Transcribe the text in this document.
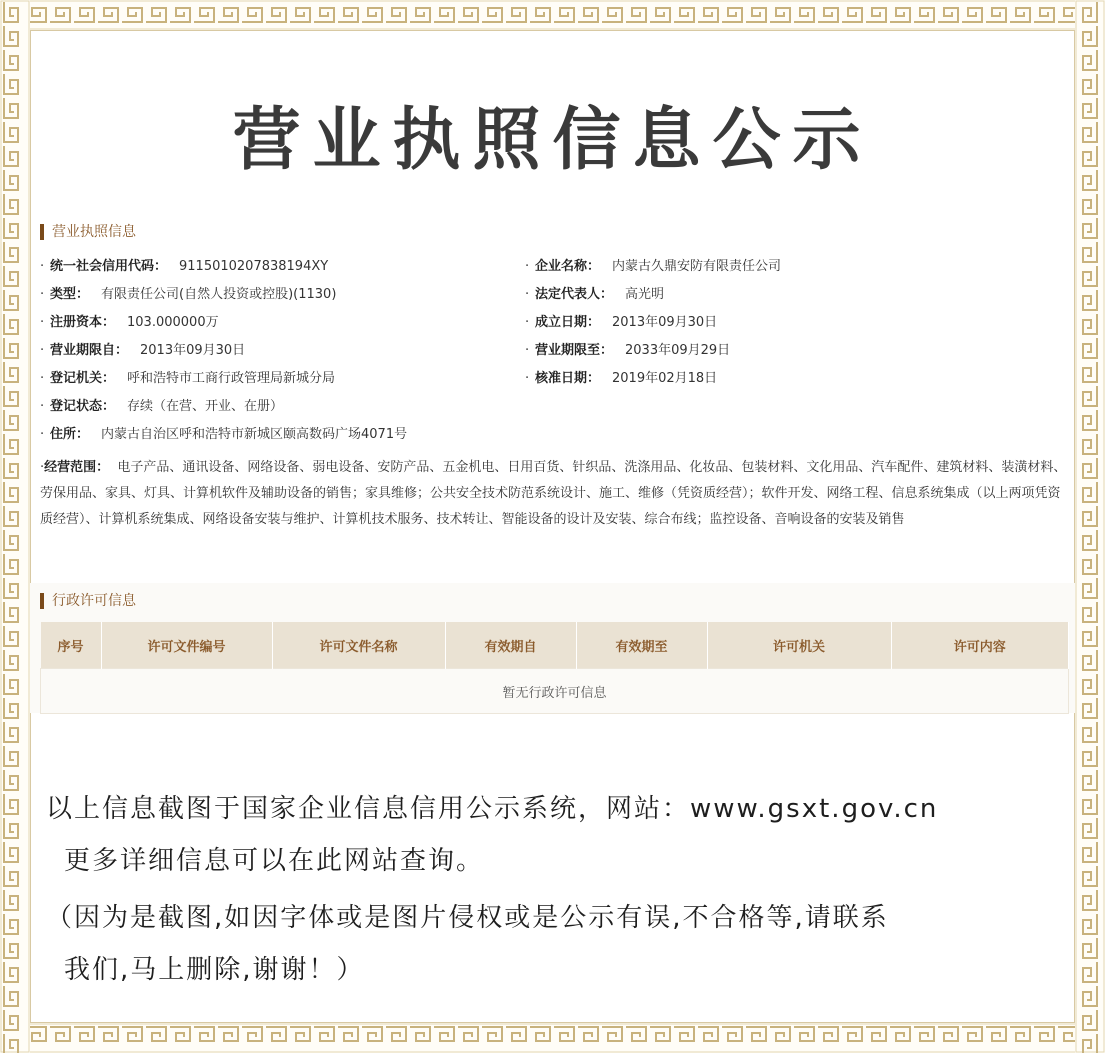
营业执照信息公示
营业执照信息
· 统一社会信用代码： 9115010207838194XY	· 企业名称： 内蒙古久鼎安防有限责任公司
· 类型： 有限责任公司(自然人投资或控股)(1130)	· 法定代表人： 高光明
· 注册资本： 103.000000万	· 成立日期： 2013年09月30日
· 营业期限自： 2013年09月30日	· 营业期限至： 2033年09月29日
· 登记机关： 呼和浩特市工商行政管理局新城分局	· 核准日期： 2019年02月18日
· 登记状态： 存续（在营、开业、在册）
· 住所： 内蒙古自治区呼和浩特市新城区颐高数码广场4071号
·经营范围： 电子产品、通讯设备、网络设备、弱电设备、安防产品、五金机电、日用百货、针织品、洗涤用品、化妆品、包装材料、文化用品、汽车配件、建筑材料、装潢材料、劳保用品、家具、灯具、计算机软件及辅助设备的销售；家具维修；公共安全技术防范系统设计、施工、维修（凭资质经营）；软件开发、网络工程、信息系统集成（以上两项凭资质经营）、计算机系统集成、网络设备安装与维护、计算机技术服务、技术转让、智能设备的设计及安装、综合布线；监控设备、音响设备的安装及销售
行政许可信息
序号	许可文件编号	许可文件名称	有效期自	有效期至	许可机关	许可内容
暂无行政许可信息
以上信息截图于国家企业信息信用公示系统，网站：www.gsxt.gov.cn
更多详细信息可以在此网站查询。
（因为是截图,如因字体或是图片侵权或是公示有误,不合格等,请联系
我们,马上删除,谢谢！）
